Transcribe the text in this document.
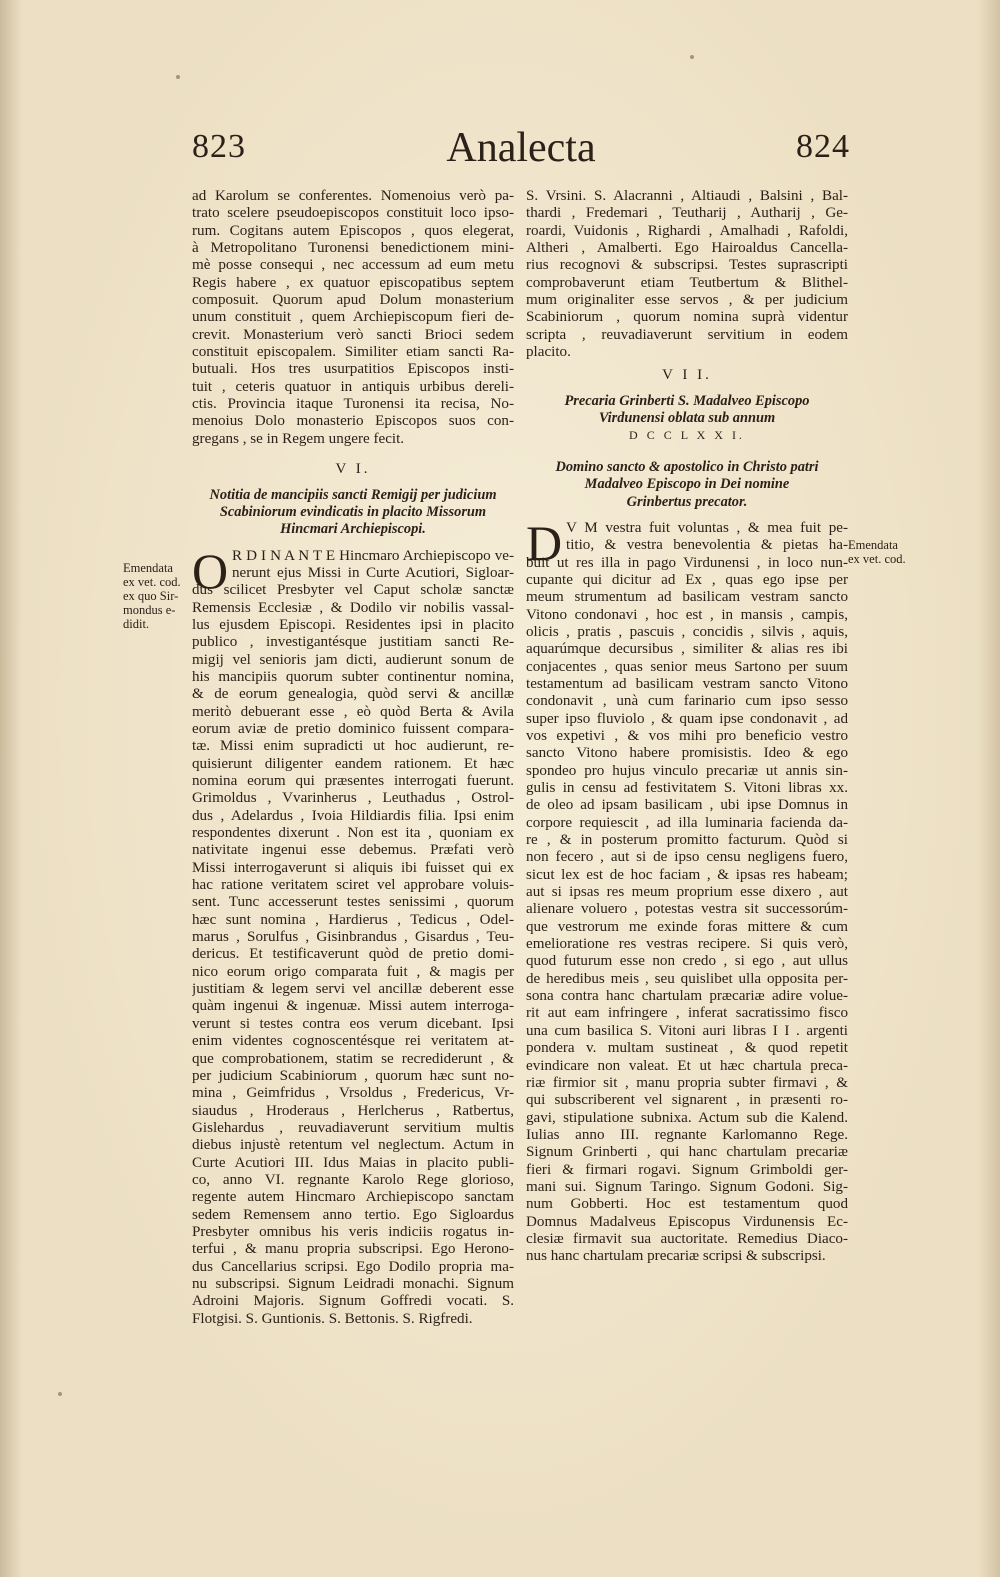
823	Analecta	824
Emendata
ex vet. cod.
ex quo Sir-
mondus e-
didit.
Emendata
ex vet. cod.
ad Karolum se conferentes. Nomenoius verò pa-
trato scelere pseudoepiscopos constituit loco ipso-
rum. Cogitans autem Episcopos , quos elegerat,
à Metropolitano Turonensi benedictionem mini-
mè posse consequi , nec accessum ad eum metu
Regis habere , ex quatuor episcopatibus septem
composuit. Quorum apud Dolum monasterium
unum constituit , quem Archiepiscopum fieri de-
crevit. Monasterium verò sancti Brioci sedem
constituit episcopalem. Similiter etiam sancti Ra-
butuali. Hos tres usurpatitios Episcopos insti-
tuit , ceteris quatuor in antiquis urbibus dereli-
ctis. Provincia itaque Turonensi ita recisa, No-
menoius Dolo monasterio Episcopos suos con-
gregans , se in Regem ungere fecit.
V I.
Notitia de mancipiis sancti Remigij per judicium
Scabiniorum evindicatis in placito Missorum
Hincmari Archiepiscopi.
O R D I N A N T E Hincmaro Archiepiscopo ve-
nerunt ejus Missi in Curte Acutiori, Sigloar-
dus scilicet Presbyter vel Caput scholæ sanctæ
Remensis Ecclesiæ , & Dodilo vir nobilis vassal-
lus ejusdem Episcopi. Residentes ipsi in placito
publico , investigantésque justitiam sancti Re-
migij vel senioris jam dicti, audierunt sonum de
his mancipiis quorum subter continentur nomina,
& de eorum genealogia, quòd servi & ancillæ
meritò debuerant esse , eò quòd Berta & Avila
eorum aviæ de pretio dominico fuissent compara-
tæ. Missi enim supradicti ut hoc audierunt, re-
quisierunt diligenter eandem rationem. Et hæc
nomina eorum qui præsentes interrogati fuerunt.
Grimoldus , Vvarinherus , Leuthadus , Ostrol-
dus , Adelardus , Ivoia Hildiardis filia. Ipsi enim
respondentes dixerunt . Non est ita , quoniam ex
nativitate ingenui esse debemus. Præfati verò
Missi interrogaverunt si aliquis ibi fuisset qui ex
hac ratione veritatem sciret vel approbare voluis-
sent. Tunc accesserunt testes senissimi , quorum
hæc sunt nomina , Hardierus , Tedicus , Odel-
marus , Sorulfus , Gisinbrandus , Gisardus , Teu-
dericus. Et testificaverunt quòd de pretio domi-
nico eorum origo comparata fuit , & magis per
justitiam & legem servi vel ancillæ deberent esse
quàm ingenui & ingenuæ. Missi autem interroga-
verunt si testes contra eos verum dicebant. Ipsi
enim videntes cognoscentésque rei veritatem at-
que comprobationem, statim se recrediderunt , &
per judicium Scabiniorum , quorum hæc sunt no-
mina , Geimfridus , Vrsoldus , Fredericus, Vr-
siaudus , Hroderaus , Herlcherus , Ratbertus,
Gislehardus , reuvadiaverunt servitium multis
diebus injustè retentum vel neglectum. Actum in
Curte Acutiori III. Idus Maias in placito publi-
co, anno VI. regnante Karolo Rege glorioso,
regente autem Hincmaro Archiepiscopo sanctam
sedem Remensem anno tertio. Ego Sigloardus
Presbyter omnibus his veris indiciis rogatus in-
terfui , & manu propria subscripsi. Ego Herono-
dus Cancellarius scripsi. Ego Dodilo propria ma-
nu subscripsi. Signum Leidradi monachi. Signum
Adroini Majoris. Signum Goffredi vocati. S.
Flotgisi. S. Guntionis. S. Bettonis. S. Rigfredi.
S. Vrsini. S. Alacranni , Altiaudi , Balsini , Bal-
thardi , Fredemari , Teutharij , Autharij , Ge-
roardi, Vuidonis , Righardi , Amalhadi , Rafoldi,
Altheri , Amalberti. Ego Hairoaldus Cancella-
rius recognovi & subscripsi. Testes suprascripti
comprobaverunt etiam Teutbertum & Blithel-
mum originaliter esse servos , & per judicium
Scabiniorum , quorum nomina suprà videntur
scripta , reuvadiaverunt servitium in eodem
placito.
V I I.
Precaria Grinberti S. Madalveo Episcopo
Virdunensi oblata sub annum
D C C L X X I.
Domino sancto & apostolico in Christo patri
Madalveo Episcopo in Dei nomine
Grinbertus precator.
D V M vestra fuit voluntas , & mea fuit pe-
titio, & vestra benevolentia & pietas ha-
buit ut res illa in pago Virdunensi , in loco nun-
cupante qui dicitur ad Ex , quas ego ipse per
meum strumentum ad basilicam vestram sancto
Vitono condonavi , hoc est , in mansis , campis,
olicis , pratis , pascuis , concidis , silvis , aquis,
aquarúmque decursibus , similiter & alias res ibi
conjacentes , quas senior meus Sartono per suum
testamentum ad basilicam vestram sancto Vitono
condonavit , unà cum farinario cum ipso sesso
super ipso fluviolo , & quam ipse condonavit , ad
vos expetivi , & vos mihi pro beneficio vestro
sancto Vitono habere promisistis. Ideo & ego
spondeo pro hujus vinculo precariæ ut annis sin-
gulis in censu ad festivitatem S. Vitoni libras xx.
de oleo ad ipsam basilicam , ubi ipse Domnus in
corpore requiescit , ad illa luminaria facienda da-
re , & in posterum promitto facturum. Quòd si
non fecero , aut si de ipso censu negligens fuero,
sicut lex est de hoc faciam , & ipsas res habeam;
aut si ipsas res meum proprium esse dixero , aut
alienare voluero , potestas vestra sit successorúm-
que vestrorum me exinde foras mittere & cum
emelioratione res vestras recipere. Si quis verò,
quod futurum esse non credo , si ego , aut ullus
de heredibus meis , seu quislibet ulla opposita per-
sona contra hanc chartulam præcariæ adire volue-
rit aut eam infringere , inferat sacratissimo fisco
una cum basilica S. Vitoni auri libras I I . argenti
pondera v. multam sustineat , & quod repetit
evindicare non valeat. Et ut hæc chartula preca-
riæ firmior sit , manu propria subter firmavi , &
qui subscriberent vel signarent , in præsenti ro-
gavi, stipulatione subnixa. Actum sub die Kalend.
Iulias anno III. regnante Karlomanno Rege.
Signum Grinberti , qui hanc chartulam precariæ
fieri & firmari rogavi. Signum Grimboldi ger-
mani sui. Signum Taringo. Signum Godoni. Sig-
num Gobberti. Hoc est testamentum quod
Domnus Madalveus Episcopus Virdunensis Ec-
clesiæ firmavit sua auctoritate. Remedius Diaco-
nus hanc chartulam precariæ scripsi & subscripsi.
